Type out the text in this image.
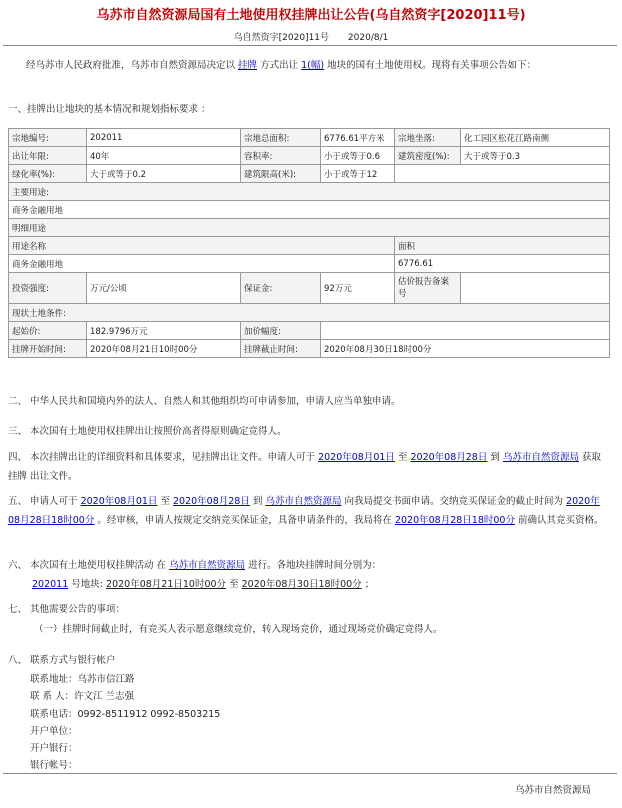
乌苏市自然资源局国有土地使用权挂牌出让公告(乌自然资字[2020]11号)
乌自然资字[2020]11号 2020/8/1
经乌苏市人民政府批准，乌苏市自然资源局决定以 挂牌 方式出让 1(幅) 地块的国有土地使用权。现将有关事项公告如下：
一、挂牌出让地块的基本情况和规划指标要求 ：
宗地编号:	202011	宗地总面积:	6776.61平方米	宗地坐落:	化工园区松花江路南侧
出让年限:	40年	容积率:	小于或等于0.6	建筑密度(%):	大于或等于0.3
绿化率(%):	大于或等于0.2	建筑限高(米):	小于或等于12		
主要用途:					
商务金融用地					
明细用途					
用途名称				面积	
商务金融用地				6776.61	
投资强度:	万元/公顷	保证金:	92万元	估价报告备案号	
现状土地条件:					
起始价:	182.9796万元	加价幅度:			
挂牌开始时间:	2020年08月21日10时00分	挂牌截止时间:	2020年08月30日18时00分		
二、 中华人民共和国境内外的法人、自然人和其他组织均可申请参加，申请人应当单独申请。
三、 本次国有土地使用权挂牌出让按照价高者得原则确定竞得人。
四、 本次挂牌出让的详细资料和具体要求，见挂牌出让文件。申请人可于 2020年08月01日 至 2020年08月28日 到 乌苏市自然资源局 获取 挂牌 出让文件。
五、 申请人可于 2020年08月01日 至 2020年08月28日 到 乌苏市自然资源局 向我局提交书面申请。交纳竞买保证金的截止时间为 2020年08月28日18时00分 。经审核，申请人按规定交纳竞买保证金，具备申请条件的，我局将在 2020年08月28日18时00分 前确认其竞买资格。
六、 本次国有土地使用权挂牌活动 在 乌苏市自然资源局 进行。各地块挂牌时间分别为：
202011 号地块: 2020年08月21日10时00分 至 2020年08月30日18时00分 ；
七、 其他需要公告的事项：
（一）挂牌时间截止时，有竞买人表示愿意继续竞价，转入现场竞价，通过现场竞价确定竞得人。
八、 联系方式与银行帐户
联系地址：乌苏市信江路
联 系 人：许文江 兰志强
联系电话：0992-8511912 0992-8503215
开户单位：
开户银行：
银行帐号：
乌苏市自然资源局
